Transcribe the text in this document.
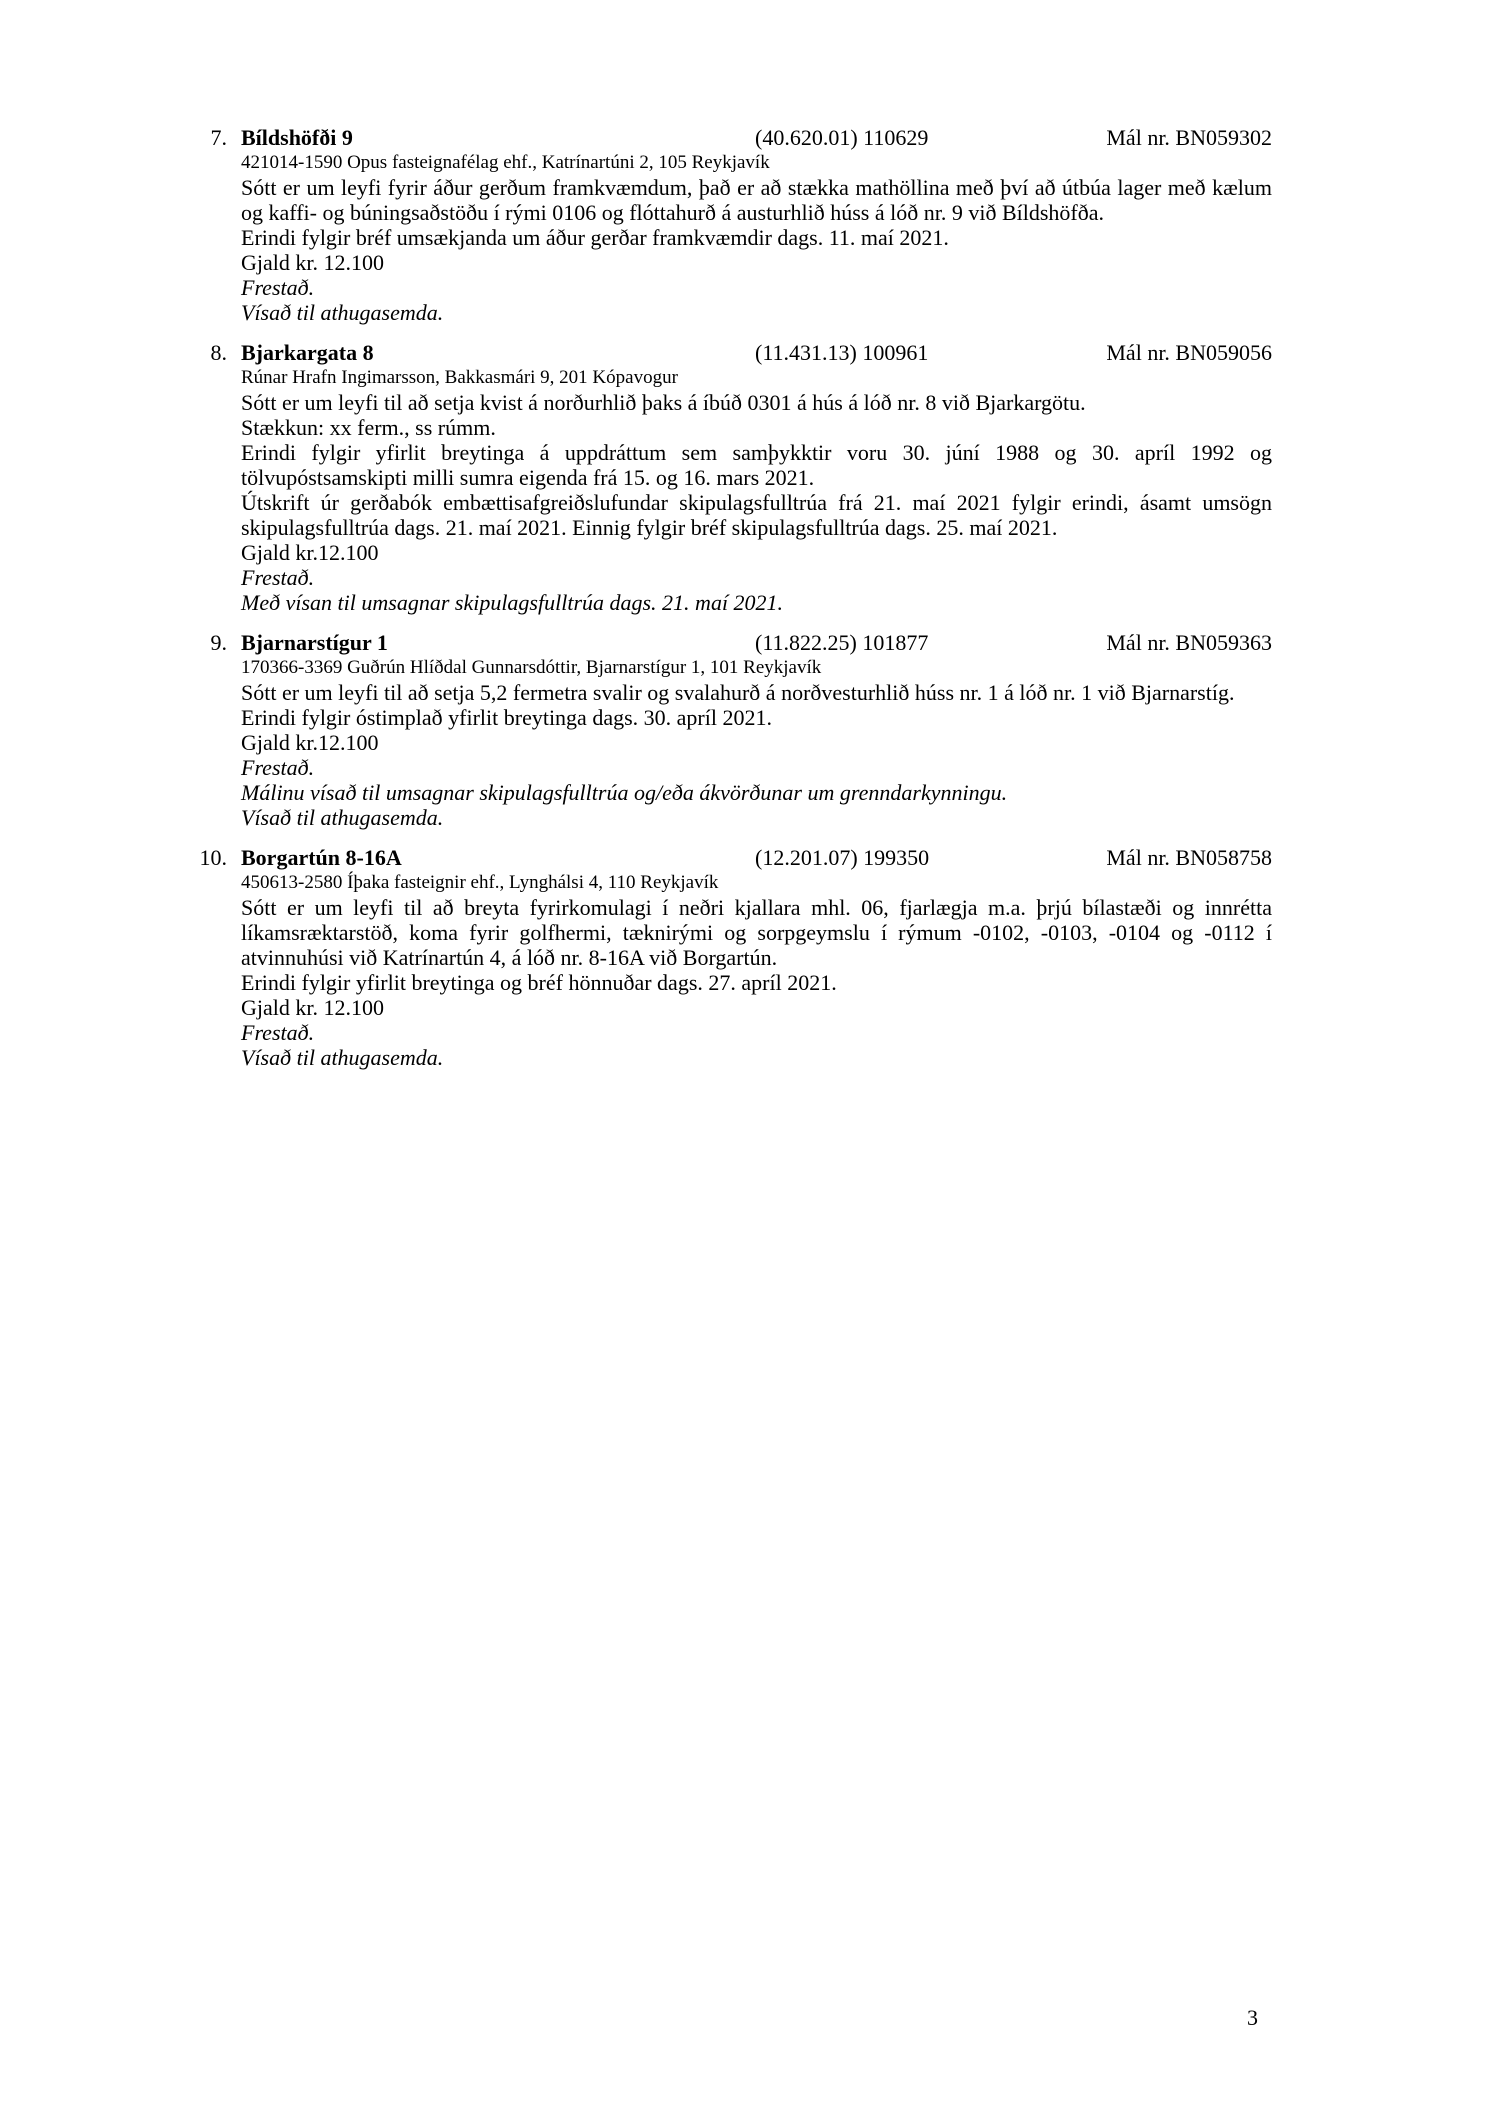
7. Bíldshöfði 9	(40.620.01) 110629	Mál nr. BN059302
421014-1590 Opus fasteignafélag ehf., Katrínartúni 2, 105 Reykjavík

Sótt er um leyfi fyrir áður gerðum framkvæmdum, það er að stækka mathöllina með því að útbúa lager með kælum og kaffi- og búningsaðstöðu í rými 0106 og flóttahurð á austurhlið húss á lóð nr. 9 við Bíldshöfða.

Erindi fylgir bréf umsækjanda um áður gerðar framkvæmdir dags. 11. maí 2021.

Gjald kr. 12.100

Frestað.

Vísað til athugasemda.

8. Bjarkargata 8	(11.431.13) 100961	Mál nr. BN059056
Rúnar Hrafn Ingimarsson, Bakkasmári 9, 201 Kópavogur

Sótt er um leyfi til að setja kvist á norðurhlið þaks á íbúð 0301 á hús á lóð nr. 8 við Bjarkargötu.

Stækkun: xx ferm., ss rúmm.

Erindi fylgir yfirlit breytinga á uppdráttum sem samþykktir voru 30. júní 1988 og 30. apríl 1992 og tölvupóstsamskipti milli sumra eigenda frá 15. og 16. mars 2021.

Útskrift úr gerðabók embættisafgreiðslufundar skipulagsfulltrúa frá 21. maí 2021 fylgir erindi, ásamt umsögn skipulagsfulltrúa dags. 21. maí 2021. Einnig fylgir bréf skipulagsfulltrúa dags. 25. maí 2021.

Gjald kr.12.100

Frestað.

Með vísan til umsagnar skipulagsfulltrúa dags. 21. maí 2021.

9. Bjarnarstígur 1	(11.822.25) 101877	Mál nr. BN059363
170366-3369 Guðrún Hlíðdal Gunnarsdóttir, Bjarnarstígur 1, 101 Reykjavík

Sótt er um leyfi til að setja 5,2 fermetra svalir og svalahurð á norðvesturhlið húss nr. 1 á lóð nr. 1 við Bjarnarstíg.

Erindi fylgir óstimplað yfirlit breytinga dags. 30. apríl 2021.

Gjald kr.12.100

Frestað.

Málinu vísað til umsagnar skipulagsfulltrúa og/eða ákvörðunar um grenndarkynningu.

Vísað til athugasemda.

10. Borgartún 8-16A	(12.201.07) 199350	Mál nr. BN058758
450613-2580 Íþaka fasteignir ehf., Lynghálsi 4, 110 Reykjavík

Sótt er um leyfi til að breyta fyrirkomulagi í neðri kjallara mhl. 06, fjarlægja m.a. þrjú bílastæði og innrétta líkamsræktarstöð, koma fyrir golfhermi, tæknirými og sorpgeymslu í rýmum -0102, -0103, -0104 og -0112 í atvinnuhúsi við Katrínartún 4, á lóð nr. 8-16A við Borgartún.

Erindi fylgir yfirlit breytinga og bréf hönnuðar dags. 27. apríl 2021.

Gjald kr. 12.100

Frestað.

Vísað til athugasemda.

3
